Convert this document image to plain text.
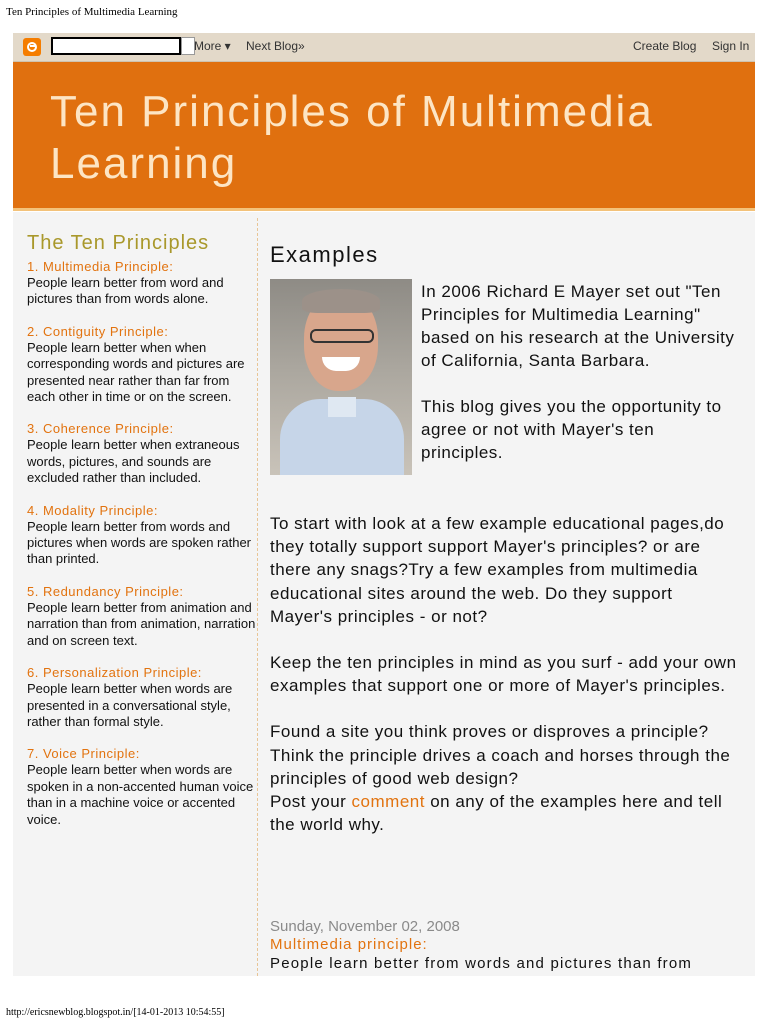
Ten Principles of Multimedia Learning
More ▾ Next Blog»	Create Blog Sign In
Ten Principles of Multimedia Learning
The Ten Principles
1. Multimedia Principle:
People learn better from word and pictures than from words alone.
2. Contiguity Principle:
People learn better when when corresponding words and pictures are presented near rather than far from each other in time or on the screen.
3. Coherence Principle:
People learn better when extraneous words, pictures, and sounds are excluded rather than included.
4. Modality Principle:
People learn better from words and pictures when words are spoken rather than printed.
5. Redundancy Principle:
People learn better from animation and narration than from animation, narration and on screen text.
6. Personalization Principle:
People learn better when words are presented in a conversational style, rather than formal style.
7. Voice Principle:
People learn better when words are spoken in a non-accented human voice than in a machine voice or accented voice.
Examples

In 2006 Richard E Mayer set out "Ten Principles for Multimedia Learning" based on his research at the University of California, Santa Barbara.

This blog gives you the opportunity to agree or not with Mayer's ten principles.

To start with look at a few example educational pages,do they totally support support Mayer's principles? or are there any snags?Try a few examples from multimedia educational sites around the web. Do they support Mayer's principles - or not?

Keep the ten principles in mind as you surf - add your own examples that support one or more of Mayer's principles.

Found a site you think proves or disproves a principle?
Think the principle drives a coach and horses through the principles of good web design?
Post your comment on any of the examples here and tell the world why.

Sunday, November 02, 2008
Multimedia principle:
People learn better from words and pictures than from
http://ericsnewblog.blogspot.in/[14-01-2013 10:54:55]
